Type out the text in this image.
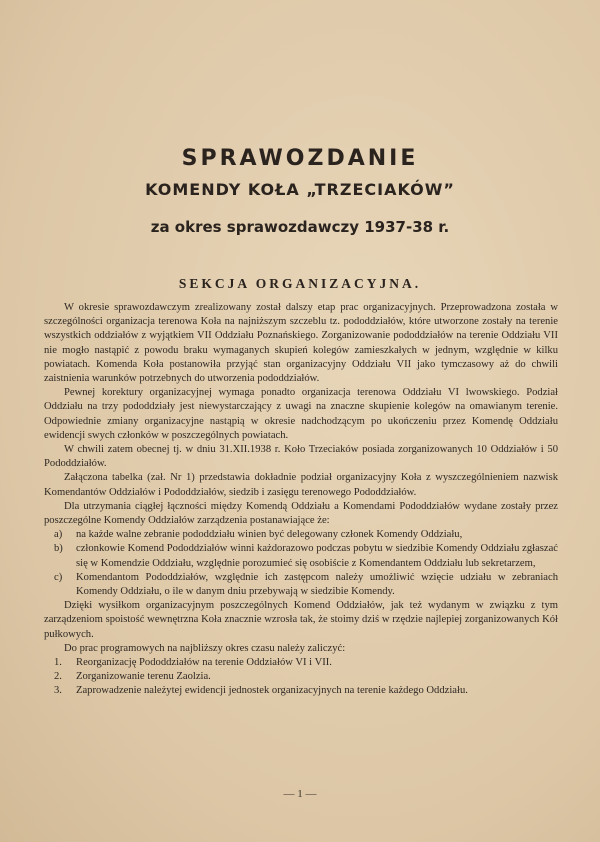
SPRAWOZDANIE
KOMENDY KOŁA „TRZECIAKÓW”
za okres sprawozdawczy 1937-38 r.
SEKCJA ORGANIZACYJNA.

W okresie sprawozdawczym zrealizowany został dalszy etap prac organizacyjnych. Przeprowadzona została w szczególności organizacja terenowa Koła na najniższym szczeblu tz. pododdziałów, które utworzone zostały na terenie wszystkich oddziałów z wyjątkiem VII Oddziału Poznańskiego. Zorganizowanie pododdziałów na terenie Oddziału VII nie mogło nastąpić z powodu braku wymaganych skupień kolegów zamieszkałych w jednym, względnie w kilku powiatach. Komenda Koła postanowiła przyjąć stan organizacyjny Oddziału VII jako tymczasowy aż do chwili zaistnienia warunków potrzebnych do utworzenia pododdziałów.

Pewnej korektury organizacyjnej wymaga ponadto organizacja terenowa Oddziału VI lwowskiego. Podział Oddziału na trzy pododdziały jest niewystarczający z uwagi na znaczne skupienie kolegów na omawianym terenie. Odpowiednie zmiany organizacyjne nastąpią w okresie nadchodzącym po ukończeniu przez Komendę Oddziału ewidencji swych członków w poszczególnych powiatach.

W chwili zatem obecnej tj. w dniu 31.XII.1938 r. Koło Trzeciaków posiada zorganizowanych 10 Oddziałów i 50 Pododdziałów.

Załączona tabelka (zał. Nr 1) przedstawia dokładnie podział organizacyjny Koła z wyszczególnieniem nazwisk Komendantów Oddziałów i Pododdziałów, siedzib i zasięgu terenowego Pododdziałów.

Dla utrzymania ciągłej łączności między Komendą Oddziału a Komendami Pododdziałów wydane zostały przez poszczególne Komendy Oddziałów zarządzenia postanawiające że:

a)	na każde walne zebranie pododdziału winien być delegowany członek Komendy Oddziału,
b)	członkowie Komend Pododdziałów winni każdorazowo podczas pobytu w siedzibie Komendy Oddziału zgłaszać się w Komendzie Oddziału, względnie porozumieć się osobiście z Komendantem Oddziału lub sekretarzem,
c)	Komendantom Pododdziałów, względnie ich zastępcom należy umożliwić wzięcie udziału w zebraniach Komendy Oddziału, o ile w danym dniu przebywają w siedzibie Komendy.

Dzięki wysiłkom organizacyjnym poszczególnych Komend Oddziałów, jak też wydanym w związku z tym zarządzeniom spoistość wewnętrzna Koła znacznie wzrosła tak, że stoimy dziś w rzędzie najlepiej zorganizowanych Kół pułkowych.

Do prac programowych na najbliższy okres czasu należy zaliczyć:

1.	Reorganizację Pododdziałów na terenie Oddziałów VI i VII.
2.	Zorganizowanie terenu Zaolzia.
3.	Zaprowadzenie należytej ewidencji jednostek organizacyjnych na terenie każdego Oddziału.
— 1 —
